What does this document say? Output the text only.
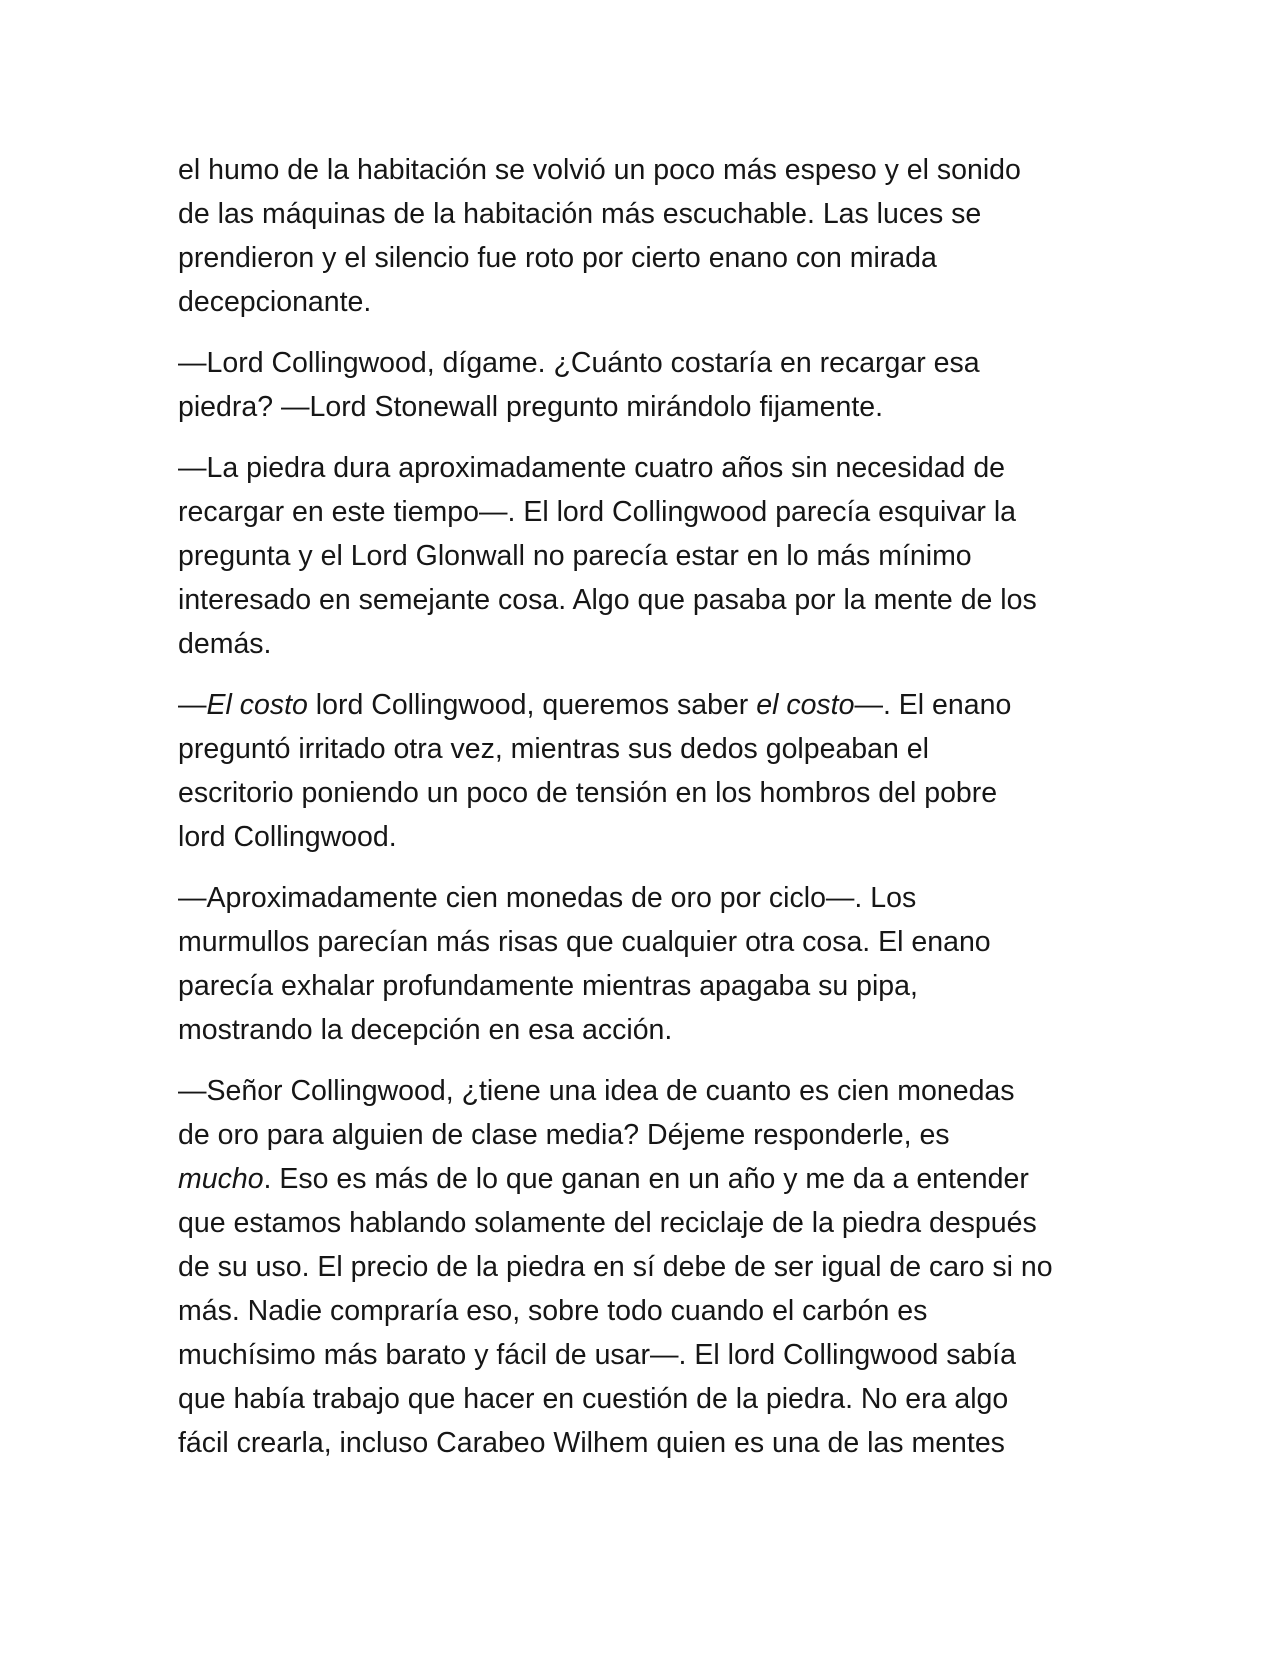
el humo de la habitación se volvió un poco más espeso y el sonido
de las máquinas de la habitación más escuchable. Las luces se
prendieron y el silencio fue roto por cierto enano con mirada
decepcionante.

—Lord Collingwood, dígame. ¿Cuánto costaría en recargar esa
piedra? —Lord Stonewall pregunto mirándolo fijamente.

—La piedra dura aproximadamente cuatro años sin necesidad de
recargar en este tiempo—. El lord Collingwood parecía esquivar la
pregunta y el Lord Glonwall no parecía estar en lo más mínimo
interesado en semejante cosa. Algo que pasaba por la mente de los
demás.

—El costo lord Collingwood, queremos saber el costo—. El enano
preguntó irritado otra vez, mientras sus dedos golpeaban el
escritorio poniendo un poco de tensión en los hombros del pobre
lord Collingwood.

—Aproximadamente cien monedas de oro por ciclo—. Los
murmullos parecían más risas que cualquier otra cosa. El enano
parecía exhalar profundamente mientras apagaba su pipa,
mostrando la decepción en esa acción.

—Señor Collingwood, ¿tiene una idea de cuanto es cien monedas
de oro para alguien de clase media? Déjeme responderle, es
mucho. Eso es más de lo que ganan en un año y me da a entender
que estamos hablando solamente del reciclaje de la piedra después
de su uso. El precio de la piedra en sí debe de ser igual de caro si no
más. Nadie compraría eso, sobre todo cuando el carbón es
muchísimo más barato y fácil de usar—. El lord Collingwood sabía
que había trabajo que hacer en cuestión de la piedra. No era algo
fácil crearla, incluso Carabeo Wilhem quien es una de las mentes
